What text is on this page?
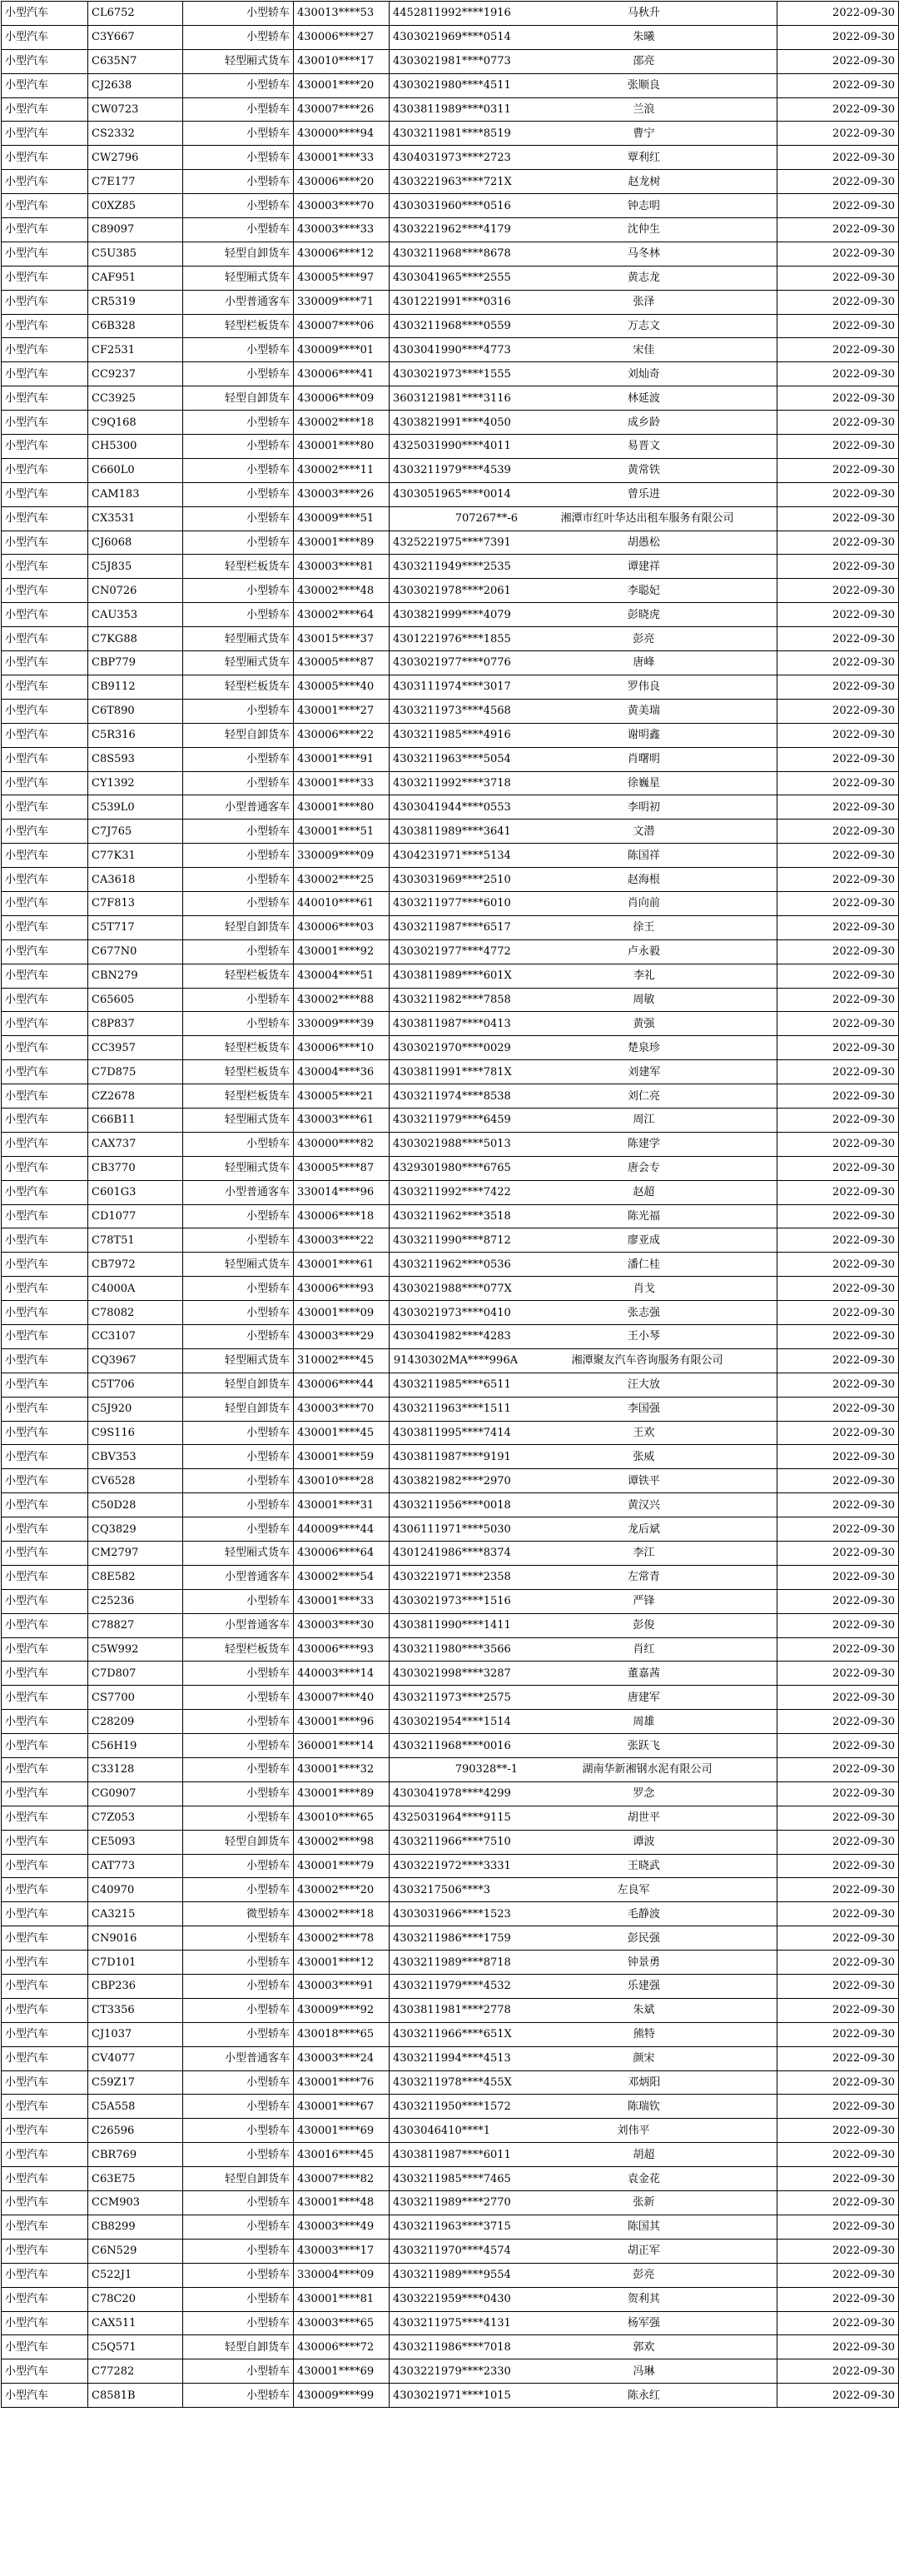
小型汽车	CL6752	小型轿车	430013****53	4452811992****1916 马秋升	2022-09-30
小型汽车	C3Y667	小型轿车	430006****27	4303021969****0514 朱曦	2022-09-30
小型汽车	C635N7	轻型厢式货车	430010****17	4303021981****0773 邵亮	2022-09-30
小型汽车	CJ2638	小型轿车	430001****20	4303021980****4511 张顺良	2022-09-30
小型汽车	CW0723	小型轿车	430007****26	4303811989****0311 兰浪	2022-09-30
小型汽车	CS2332	小型轿车	430000****94	4303211981****8519 曹宁	2022-09-30
小型汽车	CW2796	小型轿车	430001****33	4304031973****2723 覃利红	2022-09-30
小型汽车	C7E177	小型轿车	430006****20	4303221963****721X 赵龙树	2022-09-30
小型汽车	C0XZ85	小型轿车	430003****70	4303031960****0516 钟志明	2022-09-30
小型汽车	C89097	小型轿车	430003****33	4303221962****4179 沈仲生	2022-09-30
小型汽车	C5U385	轻型自卸货车	430006****12	4303211968****8678 马冬林	2022-09-30
小型汽车	CAF951	轻型厢式货车	430005****97	4303041965****2555 黄志龙	2022-09-30
小型汽车	CR5319	小型普通客车	330009****71	4301221991****0316 张泽	2022-09-30
小型汽车	C6B328	轻型栏板货车	430007****06	4303211968****0559 万志文	2022-09-30
小型汽车	CF2531	小型轿车	430009****01	4303041990****4773 宋佳	2022-09-30
小型汽车	CC9237	小型轿车	430006****41	4303021973****1555 刘灿奇	2022-09-30
小型汽车	CC3925	轻型自卸货车	430006****09	3603121981****3116 林延波	2022-09-30
小型汽车	C9Q168	小型轿车	430002****18	4303821991****4050 成乡龄	2022-09-30
小型汽车	CH5300	小型轿车	430001****80	4325031990****4011 易晋文	2022-09-30
小型汽车	C660L0	小型轿车	430002****11	4303211979****4539 黄常铁	2022-09-30
小型汽车	CAM183	小型轿车	430003****26	4303051965****0014 曾乐进	2022-09-30
小型汽车	CX3531	小型轿车	430009****51	707267**-6 湘潭市红叶华达出租车服务有限公司	2022-09-30
小型汽车	CJ6068	小型轿车	430001****89	4325221975****7391 胡愚松	2022-09-30
小型汽车	C5J835	轻型栏板货车	430003****81	4303211949****2535 谭建祥	2022-09-30
小型汽车	CN0726	小型轿车	430002****48	4303021978****2061 李聪妃	2022-09-30
小型汽车	CAU353	小型轿车	430002****64	4303821999****4079 彭晓虎	2022-09-30
小型汽车	C7KG88	轻型厢式货车	430015****37	4301221976****1855 彭亮	2022-09-30
小型汽车	CBP779	轻型厢式货车	430005****87	4303021977****0776 唐峰	2022-09-30
小型汽车	CB9112	轻型栏板货车	430005****40	4303111974****3017 罗伟良	2022-09-30
小型汽车	C6T890	小型轿车	430001****27	4303211973****4568 黄美瑞	2022-09-30
小型汽车	C5R316	轻型自卸货车	430006****22	4303211985****4916 谢明鑫	2022-09-30
小型汽车	C8S593	小型轿车	430001****91	4303211963****5054 肖曙明	2022-09-30
小型汽车	CY1392	小型轿车	430001****33	4303211992****3718 徐巍星	2022-09-30
小型汽车	C539L0	小型普通客车	430001****80	4303041944****0553 李明初	2022-09-30
小型汽车	C7J765	小型轿车	430001****51	4303811989****3641 文潜	2022-09-30
小型汽车	C77K31	小型轿车	330009****09	4304231971****5134 陈国祥	2022-09-30
小型汽车	CA3618	小型轿车	430002****25	4303031969****2510 赵海根	2022-09-30
小型汽车	C7F813	小型轿车	440010****61	4303211977****6010 肖向前	2022-09-30
小型汽车	C5T717	轻型自卸货车	430006****03	4303211987****6517 徐王	2022-09-30
小型汽车	C677N0	小型轿车	430001****92	4303021977****4772 卢永毅	2022-09-30
小型汽车	CBN279	轻型栏板货车	430004****51	4303811989****601X 李礼	2022-09-30
小型汽车	C65605	小型轿车	430002****88	4303211982****7858 周敏	2022-09-30
小型汽车	C8P837	小型轿车	330009****39	4303811987****0413 黄强	2022-09-30
小型汽车	CC3957	轻型栏板货车	430006****10	4303021970****0029 楚泉珍	2022-09-30
小型汽车	C7D875	轻型栏板货车	430004****36	4303811991****781X 刘建军	2022-09-30
小型汽车	CZ2678	轻型栏板货车	430005****21	4303211974****8538 刘仁亮	2022-09-30
小型汽车	C66B11	轻型厢式货车	430003****61	4303211979****6459 周江	2022-09-30
小型汽车	CAX737	小型轿车	430000****82	4303021988****5013 陈建学	2022-09-30
小型汽车	CB3770	轻型厢式货车	430005****87	4329301980****6765 唐会专	2022-09-30
小型汽车	C601G3	小型普通客车	330014****96	4303211992****7422 赵超	2022-09-30
小型汽车	CD1077	小型轿车	430006****18	4303211962****3518 陈光福	2022-09-30
小型汽车	C78T51	小型轿车	430003****22	4303211990****8712 廖亚成	2022-09-30
小型汽车	CB7972	轻型厢式货车	430001****61	4303211962****0536 潘仁桂	2022-09-30
小型汽车	C4000A	小型轿车	430006****93	4303021988****077X 肖戈	2022-09-30
小型汽车	C78082	小型轿车	430001****09	4303021973****0410 张志强	2022-09-30
小型汽车	CC3107	小型轿车	430003****29	4303041982****4283 王小琴	2022-09-30
小型汽车	CQ3967	轻型厢式货车	310002****45	91430302MA****996A 湘潭聚友汽车咨询服务有限公司	2022-09-30
小型汽车	C5T706	轻型自卸货车	430006****44	4303211985****6511 汪大放	2022-09-30
小型汽车	C5J920	轻型自卸货车	430003****70	4303211963****1511 李国强	2022-09-30
小型汽车	C9S116	小型轿车	430001****45	4303811995****7414 王欢	2022-09-30
小型汽车	CBV353	小型轿车	430001****59	4303811987****9191 张威	2022-09-30
小型汽车	CV6528	小型轿车	430010****28	4303821982****2970 谭铁平	2022-09-30
小型汽车	C50D28	小型轿车	430001****31	4303211956****0018 黄汉兴	2022-09-30
小型汽车	CQ3829	小型轿车	440009****44	4306111971****5030 龙后斌	2022-09-30
小型汽车	CM2797	轻型厢式货车	430006****64	4301241986****8374 李江	2022-09-30
小型汽车	C8E582	小型普通客车	430002****54	4303221971****2358 左常青	2022-09-30
小型汽车	C25236	小型轿车	430001****33	4303021973****1516 严锋	2022-09-30
小型汽车	C78827	小型普通客车	430003****30	4303811990****1411 彭俊	2022-09-30
小型汽车	C5W992	轻型栏板货车	430006****93	4303211980****3566 肖红	2022-09-30
小型汽车	C7D807	小型轿车	440003****14	4303021998****3287 董嘉茜	2022-09-30
小型汽车	CS7700	小型轿车	430007****40	4303211973****2575 唐建军	2022-09-30
小型汽车	C28209	小型轿车	430001****96	4303021954****1514 周雄	2022-09-30
小型汽车	C56H19	小型轿车	360001****14	4303211968****0016 张跃飞	2022-09-30
小型汽车	C33128	小型轿车	430001****32	790328**-1 湖南华新湘钢水泥有限公司	2022-09-30
小型汽车	CG0907	小型轿车	430001****89	4303041978****4299 罗念	2022-09-30
小型汽车	C7Z053	小型轿车	430010****65	4325031964****9115 胡世平	2022-09-30
小型汽车	CE5093	轻型自卸货车	430002****98	4303211966****7510 谭波	2022-09-30
小型汽车	CAT773	小型轿车	430001****79	4303221972****3331 王晓武	2022-09-30
小型汽车	C40970	小型轿车	430002****20	4303217506****3 左良军	2022-09-30
小型汽车	CA3215	微型轿车	430002****18	4303031966****1523 毛静波	2022-09-30
小型汽车	CN9016	小型轿车	430002****78	4303211986****1759 彭民强	2022-09-30
小型汽车	C7D101	小型轿车	430001****12	4303211989****8718 钟景勇	2022-09-30
小型汽车	CBP236	小型轿车	430003****91	4303211979****4532 乐建强	2022-09-30
小型汽车	CT3356	小型轿车	430009****92	4303811981****2778 朱斌	2022-09-30
小型汽车	CJ1037	小型轿车	430018****65	4303211966****651X 熊特	2022-09-30
小型汽车	CV4077	小型普通客车	430003****24	4303211994****4513 颜宋	2022-09-30
小型汽车	C59Z17	小型轿车	430001****76	4303211978****455X 邓炳阳	2022-09-30
小型汽车	C5A558	小型轿车	430001****67	4303211950****1572 陈瑞钦	2022-09-30
小型汽车	C26596	小型轿车	430001****69	4303046410****1 刘伟平	2022-09-30
小型汽车	CBR769	小型轿车	430016****45	4303811987****6011 胡超	2022-09-30
小型汽车	C63E75	轻型自卸货车	430007****82	4303211985****7465 袁金花	2022-09-30
小型汽车	CCM903	小型轿车	430001****48	4303211989****2770 张新	2022-09-30
小型汽车	CB8299	小型轿车	430003****49	4303211963****3715 陈国其	2022-09-30
小型汽车	C6N529	小型轿车	430003****17	4303211970****4574 胡正军	2022-09-30
小型汽车	C522J1	小型轿车	330004****09	4303211989****9554 彭亮	2022-09-30
小型汽车	C78C20	小型轿车	430001****81	4303221959****0430 贺利其	2022-09-30
小型汽车	CAX511	小型轿车	430003****65	4303211975****4131 杨军强	2022-09-30
小型汽车	C5Q571	轻型自卸货车	430006****72	4303211986****7018 郭欢	2022-09-30
小型汽车	C77282	小型轿车	430001****69	4303221979****2330 冯琳	2022-09-30
小型汽车	C8581B	小型轿车	430009****99	4303021971****1015 陈永红	2022-09-30
